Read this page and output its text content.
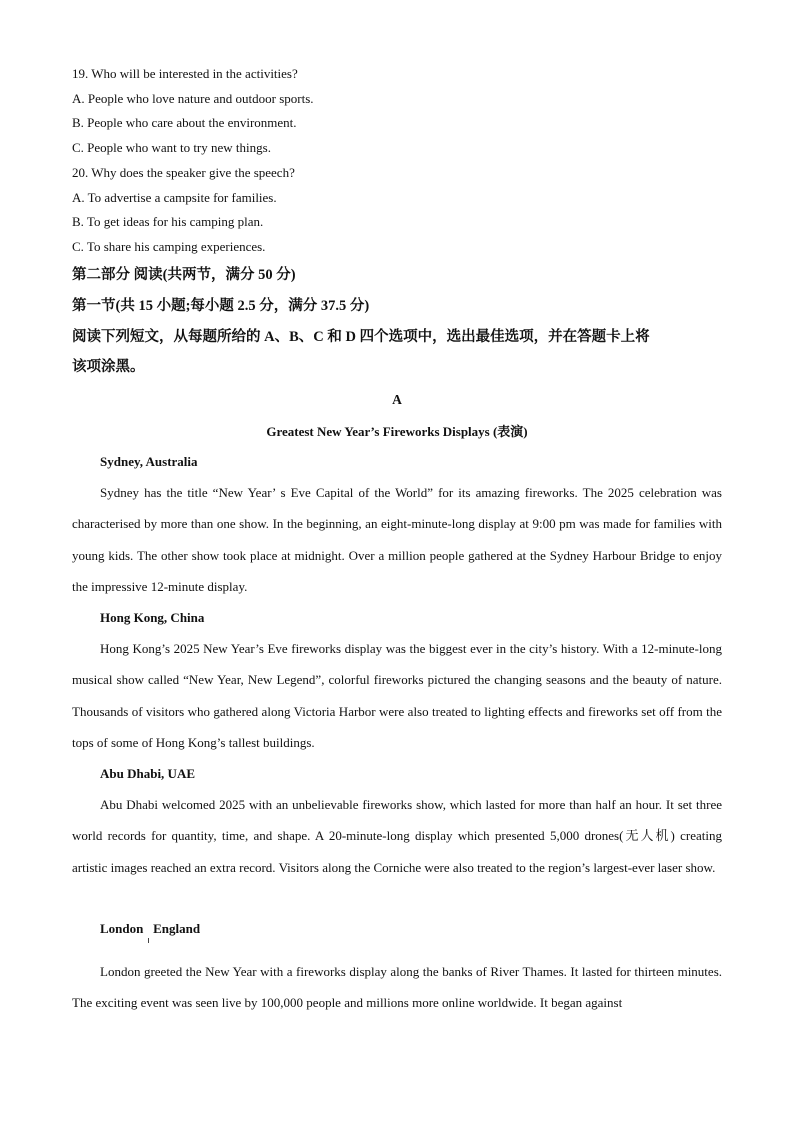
19. Who will be interested in the activities?
A. People who love nature and outdoor sports.
B. People who care about the environment.
C. People who want to try new things.
20. Why does the speaker give the speech?
A. To advertise a campsite for families.
B. To get ideas for his camping plan.
C. To share his camping experiences.
第二部分 阅读(共两节，满分 50 分)
第一节(共 15 小题;每小题 2.5 分，满分 37.5 分)
阅读下列短文，从每题所给的 A、B、C 和 D 四个选项中，选出最佳选项，并在答题卡上将
该项涂黑。
A
Greatest New Year’s Fireworks Displays (表演)
Sydney, Australia

Sydney has the title “New Year’ s Eve Capital of the World” for its amazing fireworks. The 2025 celebration was characterised by more than one show. In the beginning, an eight-minute-long display at 9:00 pm was made for families with young kids. The other show took place at midnight. Over a million people gathered at the Sydney Harbour Bridge to enjoy the impressive 12-minute display.

Hong Kong, China

Hong Kong’s 2025 New Year’s Eve fireworks display was the biggest ever in the city’s history. With a 12-minute-long musical show called “New Year, New Legend”, colorful fireworks pictured the changing seasons and the beauty of nature. Thousands of visitors who gathered along Victoria Harbor were also treated to lighting effects and fireworks set off from the tops of some of Hong Kong’s tallest buildings.

Abu Dhabi, UAE

Abu Dhabi welcomed 2025 with an unbelievable fireworks show, which lasted for more than half an hour. It set three world records for quantity, time, and shape. A 20-minute-long display which presented 5,000 drones(无人机) creating artistic images reached an extra record. Visitors along the Corniche were also treated to the region’s largest-ever laser show.

London   England

London greeted the New Year with a fireworks display along the banks of River Thames. It lasted for thirteen minutes. The exciting event was seen live by 100,000 people and millions more online worldwide. It began against
